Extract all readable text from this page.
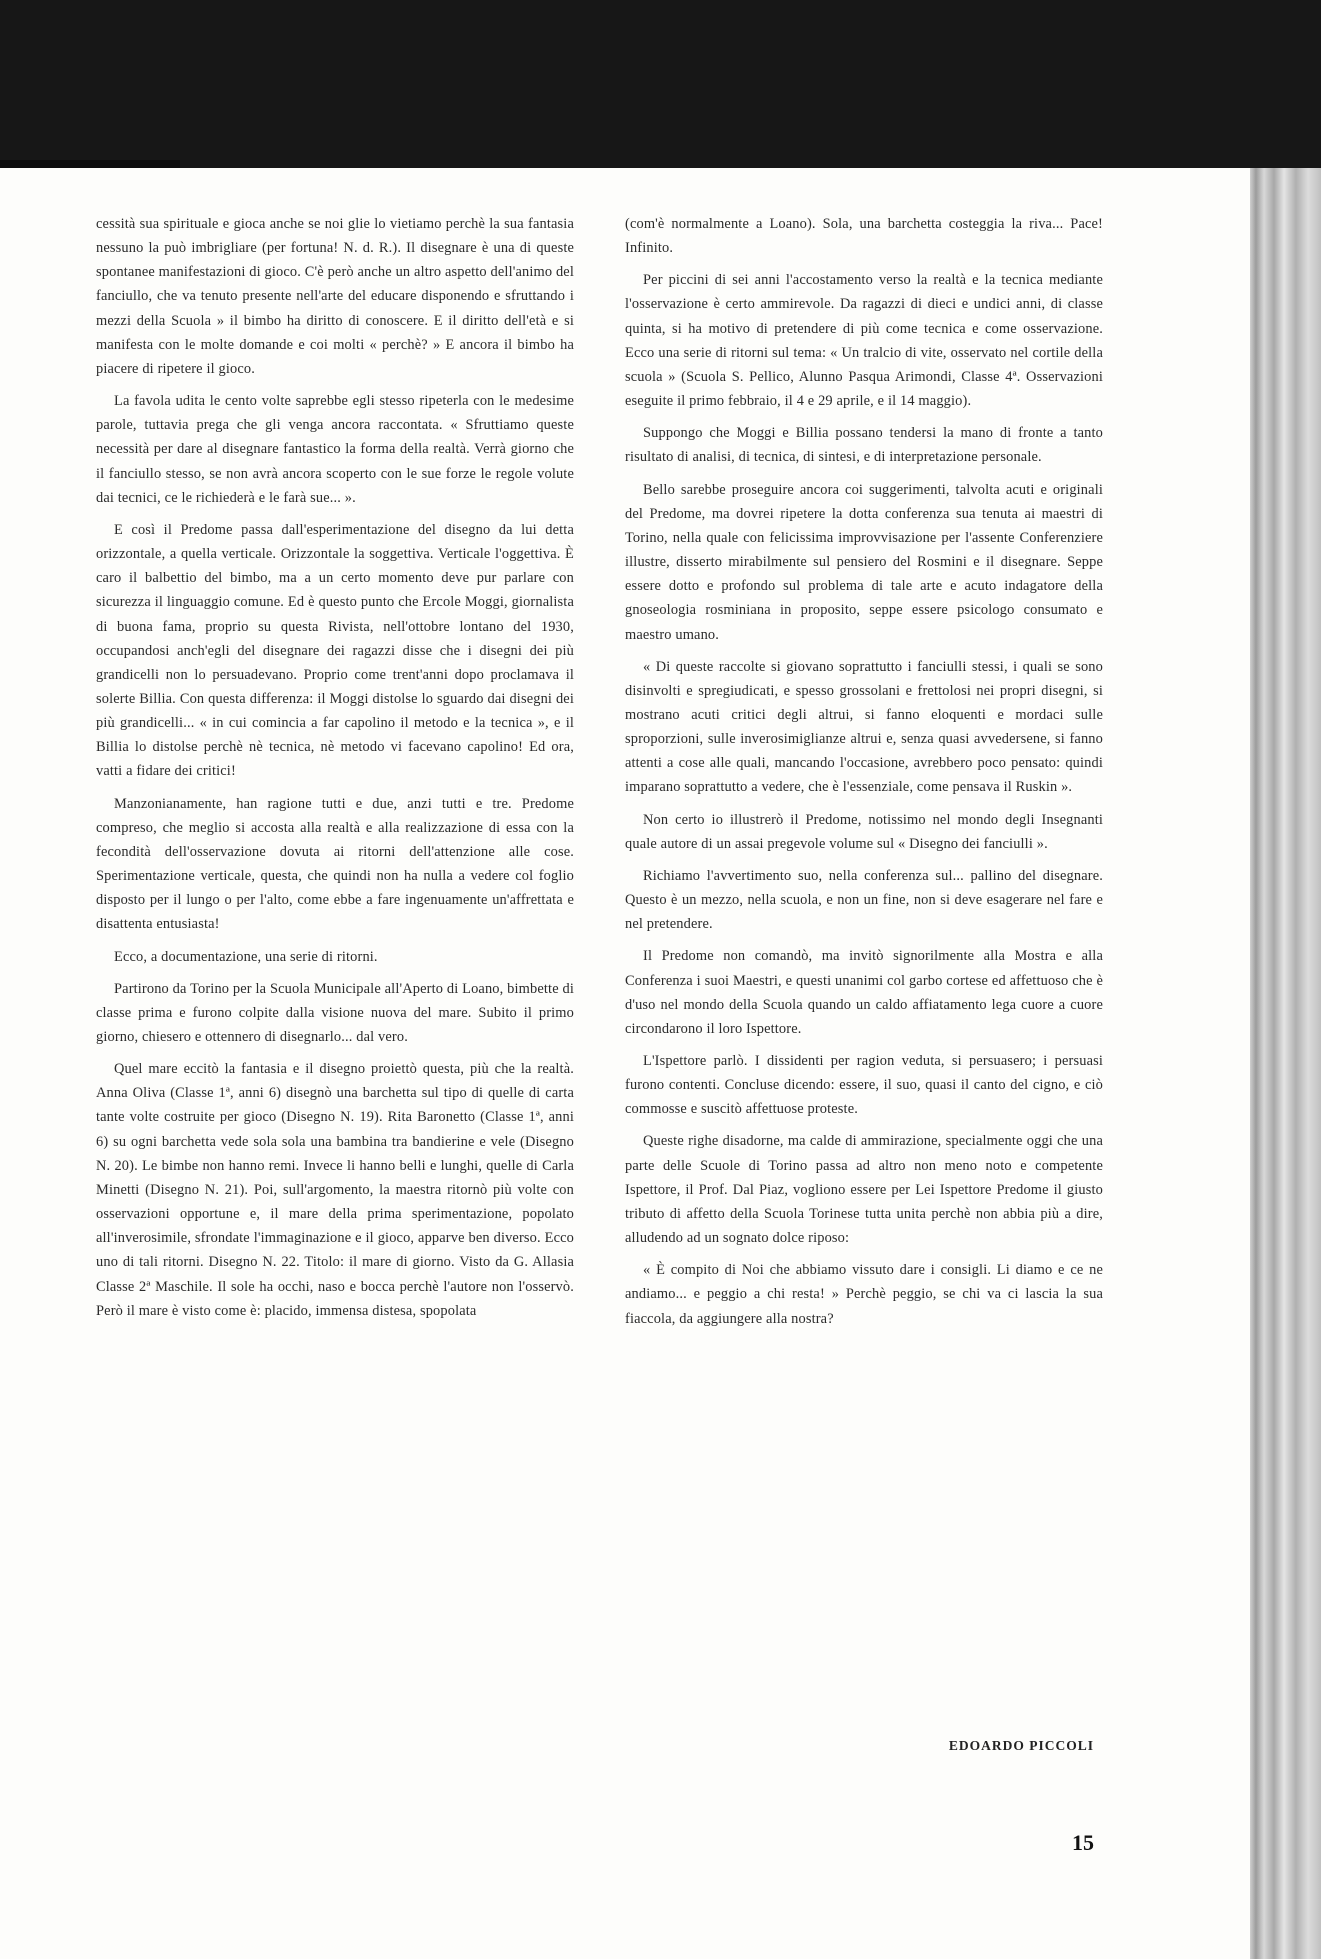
cessità sua spirituale e gioca anche se noi glie lo vietiamo perchè la sua fantasia nessuno la può imbrigliare (per fortuna! N. d. R.). Il disegnare è una di queste spontanee manifestazioni di gioco. C'è però anche un altro aspetto dell'animo del fanciullo, che va tenuto presente nell'arte del educare disponendo e sfruttando i mezzi della Scuola » il bimbo ha diritto di conoscere. E il diritto dell'età e si manifesta con le molte domande e coi molti « perchè? » E ancora il bimbo ha piacere di ripetere il gioco.

La favola udita le cento volte saprebbe egli stesso ripeterla con le medesime parole, tuttavia prega che gli venga ancora raccontata. « Sfruttiamo queste necessità per dare al disegnare fantastico la forma della realtà. Verrà giorno che il fanciullo stesso, se non avrà ancora scoperto con le sue forze le regole volute dai tecnici, ce le richiederà e le farà sue... ».

E così il Predome passa dall'esperimentazione del disegno da lui detta orizzontale, a quella verticale. Orizzontale la soggettiva. Verticale l'oggettiva. È caro il balbettio del bimbo, ma a un certo momento deve pur parlare con sicurezza il linguaggio comune. Ed è questo punto che Ercole Moggi, giornalista di buona fama, proprio su questa Rivista, nell'ottobre lontano del 1930, occupandosi anch'egli del disegnare dei ragazzi disse che i disegni dei più grandicelli non lo persuadevano. Proprio come trent'anni dopo proclamava il solerte Billia. Con questa differenza: il Moggi distolse lo sguardo dai disegni dei più grandicelli... « in cui comincia a far capolino il metodo e la tecnica », e il Billia lo distolse perchè nè tecnica, nè metodo vi facevano capolino! Ed ora, vatti a fidare dei critici!

Manzonianamente, han ragione tutti e due, anzi tutti e tre. Predome compreso, che meglio si accosta alla realtà e alla realizzazione di essa con la fecondità dell'osservazione dovuta ai ritorni dell'attenzione alle cose. Sperimentazione verticale, questa, che quindi non ha nulla a vedere col foglio disposto per il lungo o per l'alto, come ebbe a fare ingenuamente un'affrettata e disattenta entusiasta!

Ecco, a documentazione, una serie di ritorni.

Partirono da Torino per la Scuola Municipale all'Aperto di Loano, bimbette di classe prima e furono colpite dalla visione nuova del mare. Subito il primo giorno, chiesero e ottennero di disegnarlo... dal vero.

Quel mare eccitò la fantasia e il disegno proiettò questa, più che la realtà. Anna Oliva (Classe 1ª, anni 6) disegnò una barchetta sul tipo di quelle di carta tante volte costruite per gioco (Disegno N. 19). Rita Baronetto (Classe 1ª, anni 6) su ogni barchetta vede sola sola una bambina tra bandierine e vele (Disegno N. 20). Le bimbe non hanno remi. Invece li hanno belli e lunghi, quelle di Carla Minetti (Disegno N. 21). Poi, sull'argomento, la maestra ritornò più volte con osservazioni opportune e, il mare della prima sperimentazione, popolato all'inverosimile, sfrondate l'immaginazione e il gioco, apparve ben diverso. Ecco uno di tali ritorni. Disegno N. 22. Titolo: il mare di giorno. Visto da G. Allasia Classe 2ª Maschile. Il sole ha occhi, naso e bocca perchè l'autore non l'osservò. Però il mare è visto come è: placido, immensa distesa, spopolata

(com'è normalmente a Loano). Sola, una barchetta costeggia la riva... Pace! Infinito.

Per piccini di sei anni l'accostamento verso la realtà e la tecnica mediante l'osservazione è certo ammirevole. Da ragazzi di dieci e undici anni, di classe quinta, si ha motivo di pretendere di più come tecnica e come osservazione. Ecco una serie di ritorni sul tema: « Un tralcio di vite, osservato nel cortile della scuola » (Scuola S. Pellico, Alunno Pasqua Arimondi, Classe 4ª. Osservazioni eseguite il primo febbraio, il 4 e 29 aprile, e il 14 maggio).

Suppongo che Moggi e Billia possano tendersi la mano di fronte a tanto risultato di analisi, di tecnica, di sintesi, e di interpretazione personale.

Bello sarebbe proseguire ancora coi suggerimenti, talvolta acuti e originali del Predome, ma dovrei ripetere la dotta conferenza sua tenuta ai maestri di Torino, nella quale con felicissima improvvisazione per l'assente Conferenziere illustre, disserto mirabilmente sul pensiero del Rosmini e il disegnare. Seppe essere dotto e profondo sul problema di tale arte e acuto indagatore della gnoseologia rosminiana in proposito, seppe essere psicologo consumato e maestro umano.

« Di queste raccolte si giovano soprattutto i fanciulli stessi, i quali se sono disinvolti e spregiudicati, e spesso grossolani e frettolosi nei propri disegni, si mostrano acuti critici degli altrui, si fanno eloquenti e mordaci sulle sproporzioni, sulle inverosimiglianze altrui e, senza quasi avvedersene, si fanno attenti a cose alle quali, mancando l'occasione, avrebbero poco pensato: quindi imparano soprattutto a vedere, che è l'essenziale, come pensava il Ruskin ».

Non certo io illustrerò il Predome, notissimo nel mondo degli Insegnanti quale autore di un assai pregevole volume sul « Disegno dei fanciulli ».

Richiamo l'avvertimento suo, nella conferenza sul... pallino del disegnare. Questo è un mezzo, nella scuola, e non un fine, non si deve esagerare nel fare e nel pretendere.

Il Predome non comandò, ma invitò signorilmente alla Mostra e alla Conferenza i suoi Maestri, e questi unanimi col garbo cortese ed affettuoso che è d'uso nel mondo della Scuola quando un caldo affiatamento lega cuore a cuore circondarono il loro Ispettore.

L'Ispettore parlò. I dissidenti per ragion veduta, si persuasero; i persuasi furono contenti. Concluse dicendo: essere, il suo, quasi il canto del cigno, e ciò commosse e suscitò affettuose proteste.

Queste righe disadorne, ma calde di ammirazione, specialmente oggi che una parte delle Scuole di Torino passa ad altro non meno noto e competente Ispettore, il Prof. Dal Piaz, vogliono essere per Lei Ispettore Predome il giusto tributo di affetto della Scuola Torinese tutta unita perchè non abbia più a dire, alludendo ad un sognato dolce riposo:

« È compito di Noi che abbiamo vissuto dare i consigli. Li diamo e ce ne andiamo... e peggio a chi resta! » Perchè peggio, se chi va ci lascia la sua fiaccola, da aggiungere alla nostra?

EDOARDO PICCOLI
15
